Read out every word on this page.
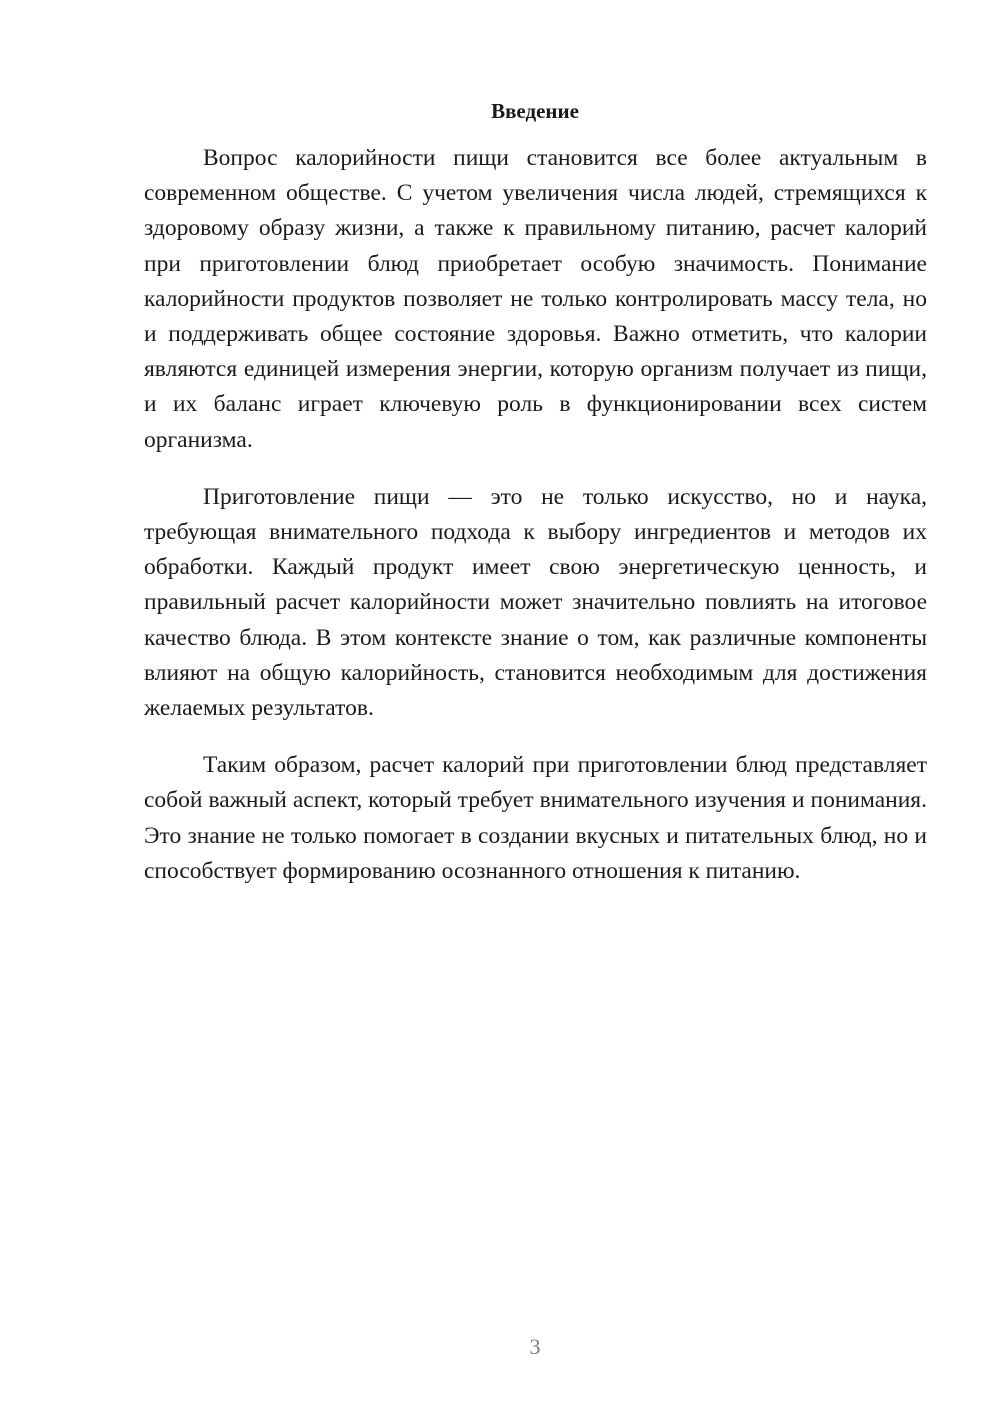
Введение

Вопрос калорийности пищи становится все более актуальным в современном обществе. С учетом увеличения числа людей, стремящихся к здоровому образу жизни, а также к правильному питанию, расчет калорий при приготовлении блюд приобретает особую значимость. Понимание калорийности продуктов позволяет не только контролировать массу тела, но и поддерживать общее состояние здоровья. Важно отметить, что калории являются единицей измерения энергии, которую организм получает из пищи, и их баланс играет ключевую роль в функционировании всех систем организма.

Приготовление пищи — это не только искусство, но и наука, требующая внимательного подхода к выбору ингредиентов и методов их обработки. Каждый продукт имеет свою энергетическую ценность, и правильный расчет калорийности может значительно повлиять на итоговое качество блюда. В этом контексте знание о том, как различные компоненты влияют на общую калорийность, становится необходимым для достижения желаемых результатов.

Таким образом, расчет калорий при приготовлении блюд представляет собой важный аспект, который требует внимательного изучения и понимания. Это знание не только помогает в создании вкусных и питательных блюд, но и способствует формированию осознанного отношения к питанию.

3
